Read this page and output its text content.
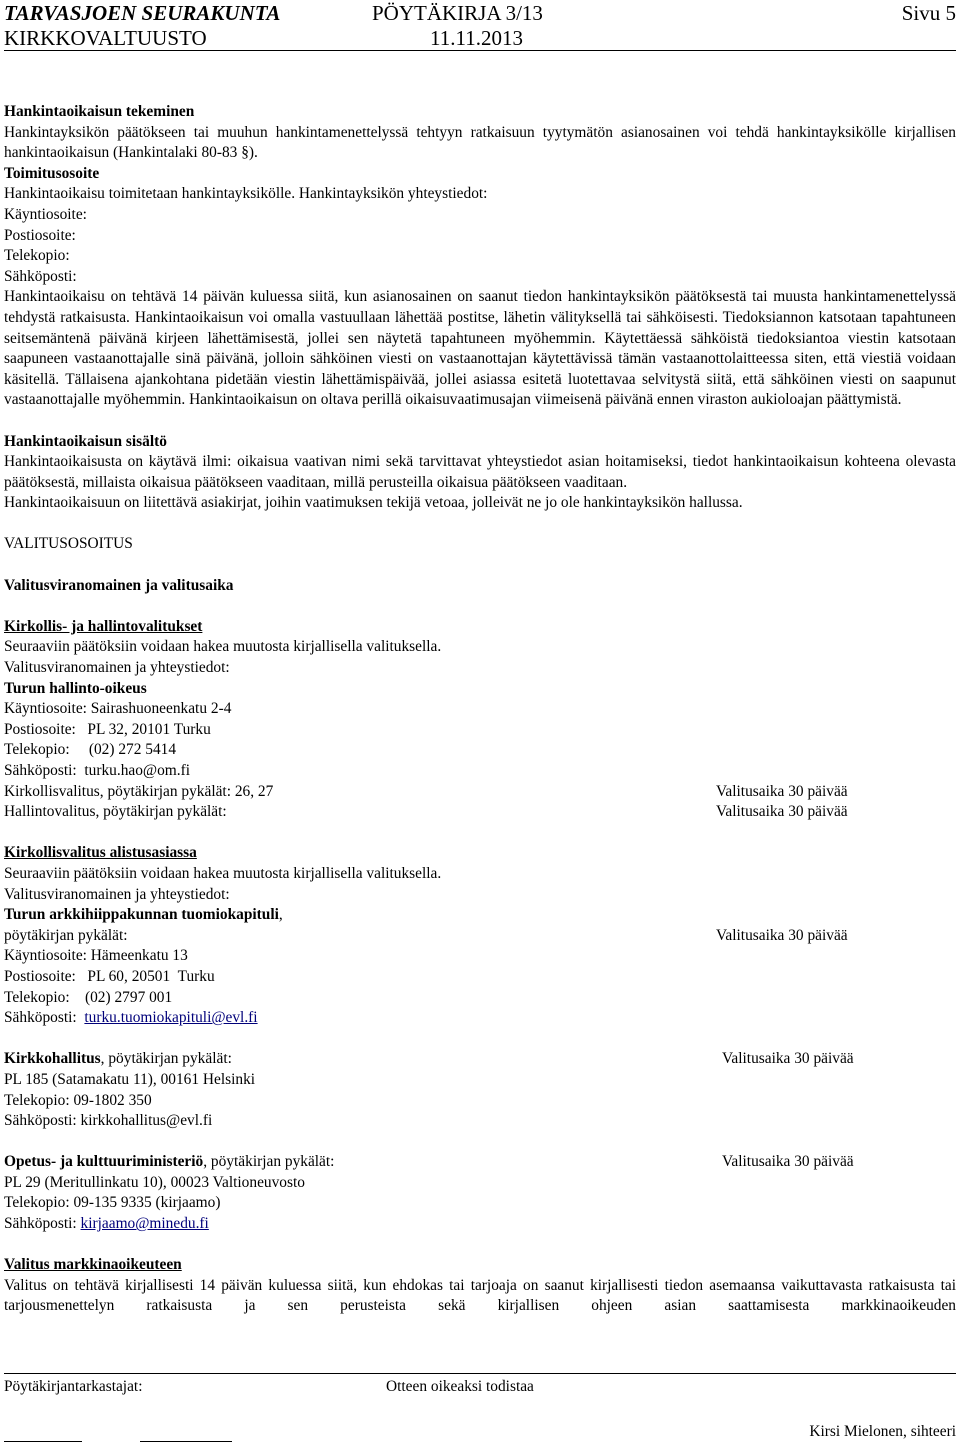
TARVASJOEN SEURAKUNTA	PÖYTÄKIRJA 3/13	Sivu 5
KIRKKOVALTUUSTO	11.11.2013

Hankintaoikaisun tekeminen

Hankintayksikön päätökseen tai muuhun hankintamenettelyssä tehtyyn ratkaisuun tyytymätön asianosainen voi tehdä hankintayksikölle kirjallisen hankintaoikaisun (Hankintalaki 80-83 §).

Toimitusosoite

Hankintaoikaisu toimitetaan hankintayksikölle. Hankintayksikön yhteystiedot:

Käyntiosoite:

Postiosoite:

Telekopio:

Sähköposti:

Hankintaoikaisu on tehtävä 14 päivän kuluessa siitä, kun asianosainen on saanut tiedon hankintayksikön päätöksestä tai muusta hankintamenettelyssä tehdystä ratkaisusta. Hankintaoikaisun voi omalla vastuullaan lähettää postitse, lähetin välityksellä tai sähköisesti. Tiedoksiannon katsotaan tapahtuneen seitsemäntenä päivänä kirjeen lähettämisestä, jollei sen näytetä tapahtuneen myöhemmin. Käytettäessä sähköistä tiedoksiantoa viestin katsotaan saapuneen vastaanottajalle sinä päivänä, jolloin sähköinen viesti on vastaanottajan käytettävissä tämän vastaanottolaitteessa siten, että viestiä voidaan käsitellä. Tällaisena ajankohtana pidetään viestin lähettämispäivää, jollei asiassa esitetä luotettavaa selvitystä siitä, että sähköinen viesti on saapunut vastaanottajalle myöhemmin. Hankintaoikaisun on oltava perillä oikaisuvaatimusajan viimeisenä päivänä ennen viraston aukioloajan päättymistä.

Hankintaoikaisun sisältö

Hankintaoikaisusta on käytävä ilmi: oikaisua vaativan nimi sekä tarvittavat yhteystiedot asian hoitamiseksi, tiedot hankintaoikaisun kohteena olevasta päätöksestä, millaista oikaisua päätökseen vaaditaan, millä perusteilla oikaisua päätökseen vaaditaan.

Hankintaoikaisuun on liitettävä asiakirjat, joihin vaatimuksen tekijä vetoaa, jolleivät ne jo ole hankintayksikön hallussa.

VALITUSOSOITUS

Valitusviranomainen ja valitusaika

Kirkollis- ja hallintovalitukset

Seuraaviin päätöksiin voidaan hakea muutosta kirjallisella valituksella.

Valitusviranomainen ja yhteystiedot:

Turun hallinto-oikeus

Käyntiosoite: Sairashuoneenkatu 2-4

Postiosoite:   PL 32, 20101 Turku

Telekopio:     (02) 272 5414

Sähköposti:  turku.hao@om.fi

Kirkollisvalitus, pöytäkirjan pykälät: 26, 27	Valitusaika 30 päivää
Hallintovalitus, pöytäkirjan pykälät:	Valitusaika 30 päivää

Kirkollisvalitus alistusasiassa

Seuraaviin päätöksiin voidaan hakea muutosta kirjallisella valituksella.

Valitusviranomainen ja yhteystiedot:

Turun arkkihiippakunnan tuomiokapituli,

pöytäkirjan pykälät:	Valitusaika 30 päivää

Käyntiosoite: Hämeenkatu 13

Postiosoite:   PL 60, 20501  Turku

Telekopio:    (02) 2797 001

Sähköposti:  turku.tuomiokapituli@evl.fi

Kirkkohallitus, pöytäkirjan pykälät:	Valitusaika 30 päivää

PL 185 (Satamakatu 11), 00161 Helsinki

Telekopio: 09-1802 350

Sähköposti: kirkkohallitus@evl.fi

Opetus- ja kulttuuriministeriö, pöytäkirjan pykälät:	Valitusaika 30 päivää

PL 29 (Meritullinkatu 10), 00023 Valtioneuvosto

Telekopio: 09-135 9335 (kirjaamo)

Sähköposti: kirjaamo@minedu.fi

Valitus markkinaoikeuteen

Valitus on tehtävä kirjallisesti 14 päivän kuluessa siitä, kun ehdokas tai tarjoaja on saanut kirjallisesti tiedon asemaansa vaikuttavasta ratkaisusta tai tarjousmenettelyn ratkaisusta ja sen perusteista sekä kirjallisen ohjeen asian saattamisesta markkinaoikeuden

Pöytäkirjantarkastajat:	Otteen oikeaksi todistaa
Kirsi Mielonen, sihteeri
